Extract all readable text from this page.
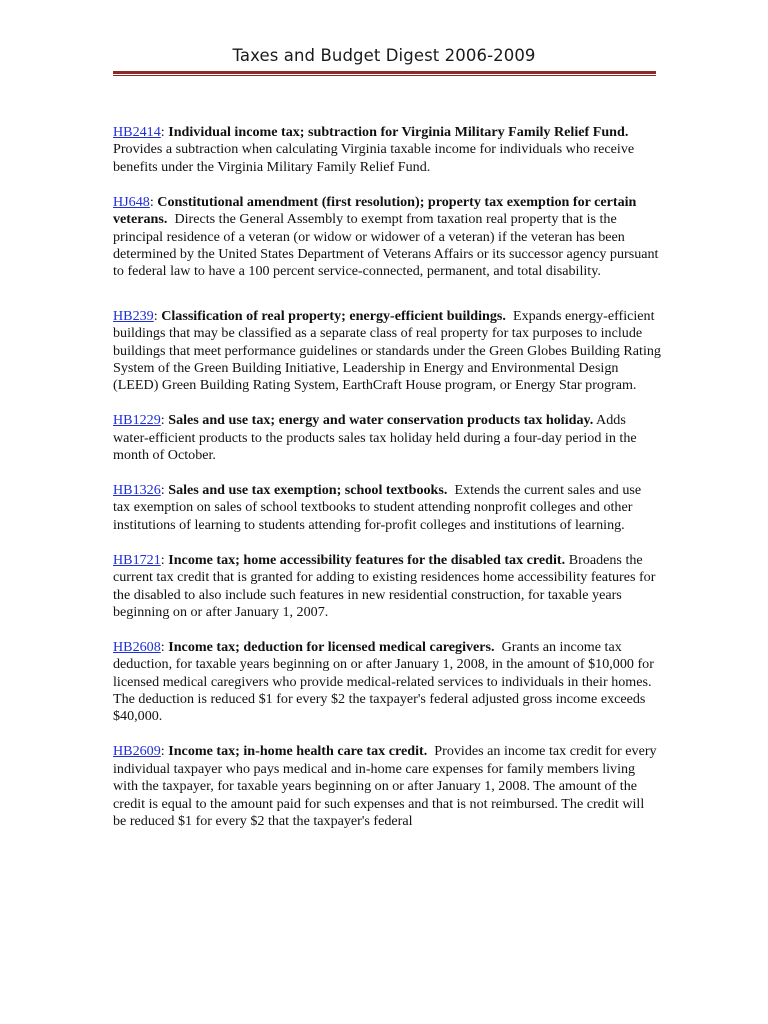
Taxes and Budget Digest 2006-2009

HB2414: Individual income tax; subtraction for Virginia Military Family Relief Fund. Provides a subtraction when calculating Virginia taxable income for individuals who receive benefits under the Virginia Military Family Relief Fund.

HJ648: Constitutional amendment (first resolution); property tax exemption for certain veterans. Directs the General Assembly to exempt from taxation real property that is the principal residence of a veteran (or widow or widower of a veteran) if the veteran has been determined by the United States Department of Veterans Affairs or its successor agency pursuant to federal law to have a 100 percent service-connected, permanent, and total disability.

HB239: Classification of real property; energy-efficient buildings. Expands energy-efficient buildings that may be classified as a separate class of real property for tax purposes to include buildings that meet performance guidelines or standards under the Green Globes Building Rating System of the Green Building Initiative, Leadership in Energy and Environmental Design (LEED) Green Building Rating System, EarthCraft House program, or Energy Star program.

HB1229: Sales and use tax; energy and water conservation products tax holiday. Adds water-efficient products to the products sales tax holiday held during a four-day period in the month of October.

HB1326: Sales and use tax exemption; school textbooks. Extends the current sales and use tax exemption on sales of school textbooks to student attending nonprofit colleges and other institutions of learning to students attending for-profit colleges and institutions of learning.

HB1721: Income tax; home accessibility features for the disabled tax credit. Broadens the current tax credit that is granted for adding to existing residences home accessibility features for the disabled to also include such features in new residential construction, for taxable years beginning on or after January 1, 2007.

HB2608: Income tax; deduction for licensed medical caregivers. Grants an income tax deduction, for taxable years beginning on or after January 1, 2008, in the amount of $10,000 for licensed medical caregivers who provide medical-related services to individuals in their homes. The deduction is reduced $1 for every $2 the taxpayer's federal adjusted gross income exceeds $40,000.

HB2609: Income tax; in-home health care tax credit. Provides an income tax credit for every individual taxpayer who pays medical and in-home care expenses for family members living with the taxpayer, for taxable years beginning on or after January 1, 2008. The amount of the credit is equal to the amount paid for such expenses and that is not reimbursed. The credit will be reduced $1 for every $2 that the taxpayer's federal
